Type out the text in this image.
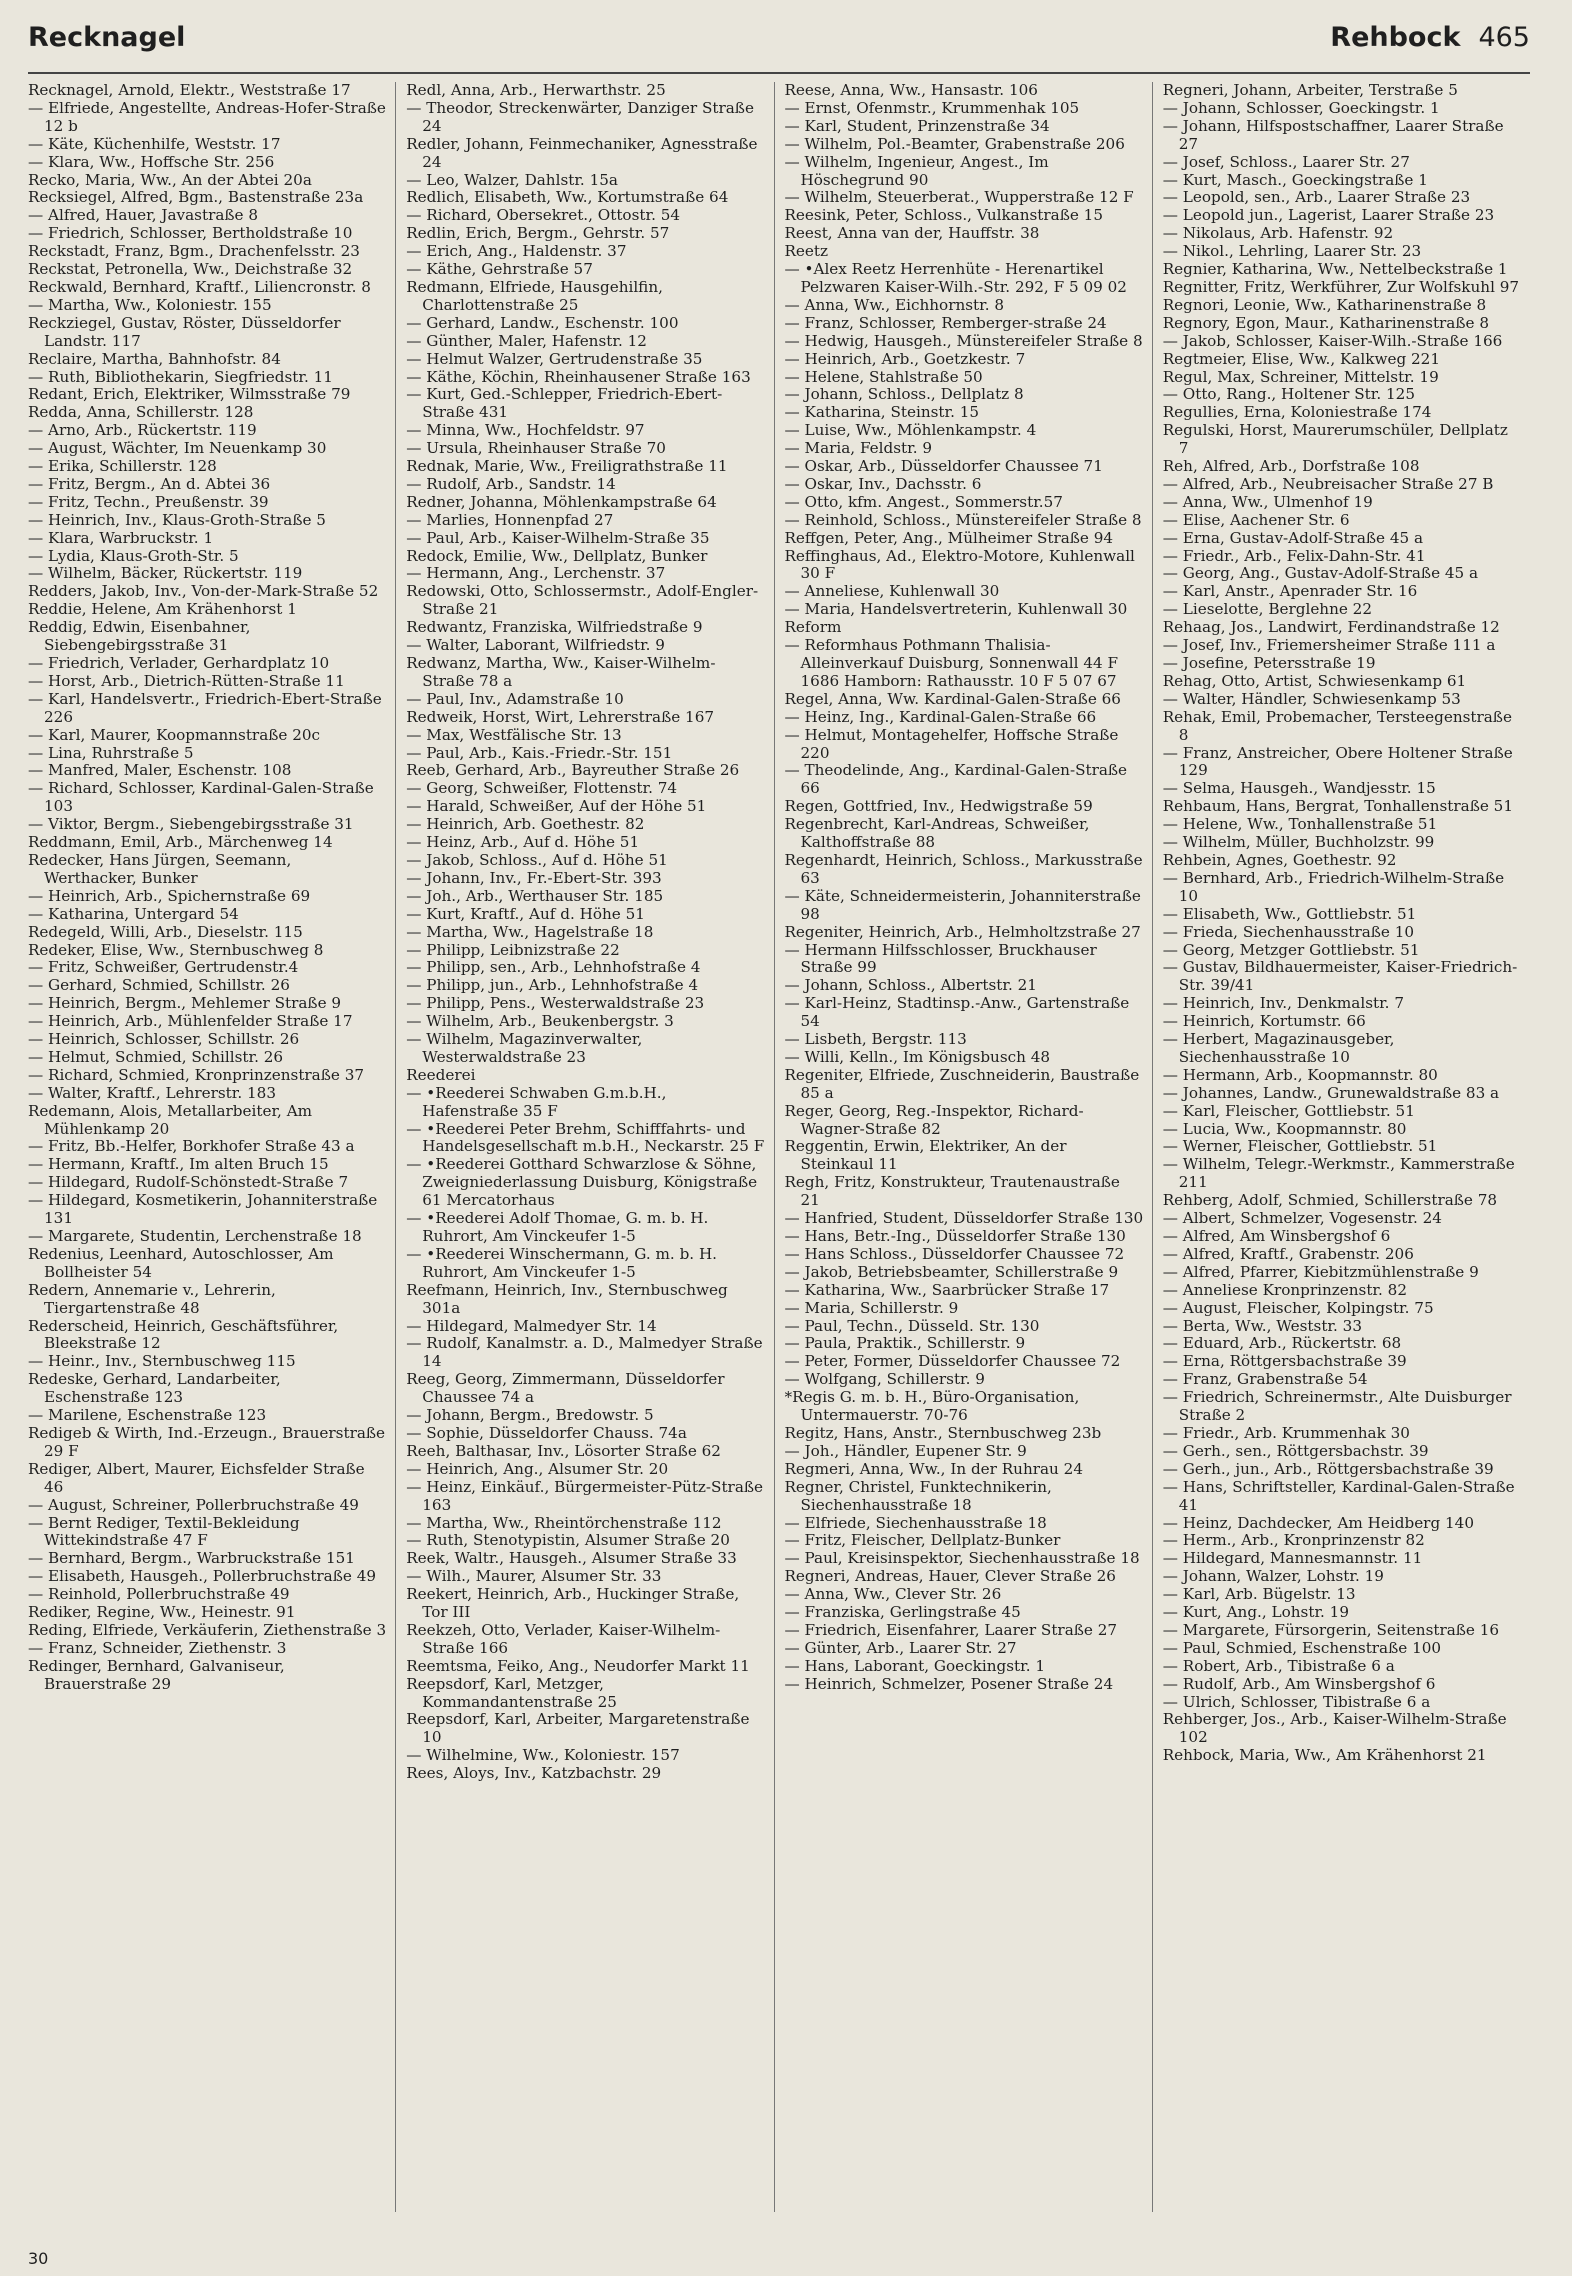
Recknagel	Rehbock 465
Recknagel, Arnold, Elektr., Weststraße 17
— Elfriede, Angestellte, Andreas-Hofer-Straße 12 b
— Käte, Küchenhilfe, Weststr. 17
— Klara, Ww., Hoffsche Str. 256
Recko, Maria, Ww., An der Abtei 20a
Recksiegel, Alfred, Bgm., Bastenstraße 23a
— Alfred, Hauer, Javastraße 8
— Friedrich, Schlosser, Bertholdstraße 10
Reckstadt, Franz, Bgm., Drachenfelsstr. 23
Reckstat, Petronella, Ww., Deichstraße 32
Reckwald, Bernhard, Kraftf., Liliencronstr. 8
— Martha, Ww., Koloniestr. 155
Reckziegel, Gustav, Röster, Düsseldorfer Landstr. 117
Reclaire, Martha, Bahnhofstr. 84
— Ruth, Bibliothekarin, Siegfriedstr. 11
Redant, Erich, Elektriker, Wilmsstraße 79
Redda, Anna, Schillerstr. 128
— Arno, Arb., Rückertstr. 119
— August, Wächter, Im Neuenkamp 30
— Erika, Schillerstr. 128
— Fritz, Bergm., An d. Abtei 36
— Fritz, Techn., Preußenstr. 39
— Heinrich, Inv., Klaus-Groth-Straße 5
— Klara, Warbruckstr. 1
— Lydia, Klaus-Groth-Str. 5
— Wilhelm, Bäcker, Rückertstr. 119
Redders, Jakob, Inv., Von-der-Mark-Straße 52
Reddie, Helene, Am Krähenhorst 1
Reddig, Edwin, Eisenbahner, Siebengebirgsstraße 31
— Friedrich, Verlader, Gerhardplatz 10
— Horst, Arb., Dietrich-Rütten-Straße 11
— Karl, Handelsvertr., Friedrich-Ebert-Straße 226
— Karl, Maurer, Koopmannstraße 20c
— Lina, Ruhrstraße 5
— Manfred, Maler, Eschenstr. 108
— Richard, Schlosser, Kardinal-Galen-Straße 103
— Viktor, Bergm., Siebengebirgsstraße 31
Reddmann, Emil, Arb., Märchenweg 14
Redecker, Hans Jürgen, Seemann, Werthacker, Bunker
— Heinrich, Arb., Spichernstraße 69
— Katharina, Untergard 54
Redegeld, Willi, Arb., Dieselstr. 115
Redeker, Elise, Ww., Sternbuschweg 8
— Fritz, Schweißer, Gertrudenstr.4
— Gerhard, Schmied, Schillstr. 26
— Heinrich, Bergm., Mehlemer Straße 9
— Heinrich, Arb., Mühlenfelder Straße 17
— Heinrich, Schlosser, Schillstr. 26
— Helmut, Schmied, Schillstr. 26
— Richard, Schmied, Kronprinzenstraße 37
— Walter, Kraftf., Lehrerstr. 183
Redemann, Alois, Metallarbeiter, Am Mühlenkamp 20
— Fritz, Bb.-Helfer, Borkhofer Straße 43 a
— Hermann, Kraftf., Im alten Bruch 15
— Hildegard, Rudolf-Schönstedt-Straße 7
— Hildegard, Kosmetikerin, Johanniterstraße 131
— Margarete, Studentin, Lerchenstraße 18
Redenius, Leenhard, Autoschlosser, Am Bollheister 54
Redern, Annemarie v., Lehrerin, Tiergartenstraße 48
Rederscheid, Heinrich, Geschäftsführer, Bleekstraße 12
— Heinr., Inv., Sternbuschweg 115
Redeske, Gerhard, Landarbeiter, Eschenstraße 123
— Marilene, Eschenstraße 123
Redigeb & Wirth, Ind.-Erzeugn., Brauerstraße 29 F
Rediger, Albert, Maurer, Eichsfelder Straße 46
— August, Schreiner, Pollerbruchstraße 49
— Bernt Rediger, Textil-Bekleidung Wittekindstraße 47 F
— Bernhard, Bergm., Warbruckstraße 151
— Elisabeth, Hausgeh., Pollerbruchstraße 49
— Reinhold, Pollerbruchstraße 49
Rediker, Regine, Ww., Heinestr. 91
Reding, Elfriede, Verkäuferin, Ziethenstraße 3
— Franz, Schneider, Ziethenstr. 3
Redinger, Bernhard, Galvaniseur, Brauerstraße 29
Redl, Anna, Arb., Herwarthstr. 25
— Theodor, Streckenwärter, Danziger Straße 24
Redler, Johann, Feinmechaniker, Agnesstraße 24
— Leo, Walzer, Dahlstr. 15a
Redlich, Elisabeth, Ww., Kortumstraße 64
— Richard, Obersekret., Ottostr. 54
Redlin, Erich, Bergm., Gehrstr. 57
— Erich, Ang., Haldenstr. 37
— Käthe, Gehrstraße 57
Redmann, Elfriede, Hausgehilfin, Charlottenstraße 25
— Gerhard, Landw., Eschenstr. 100
— Günther, Maler, Hafenstr. 12
— Helmut Walzer, Gertrudenstraße 35
— Käthe, Köchin, Rheinhausener Straße 163
— Kurt, Ged.-Schlepper, Friedrich-Ebert-Straße 431
— Minna, Ww., Hochfeldstr. 97
— Ursula, Rheinhauser Straße 70
Rednak, Marie, Ww., Freiligrathstraße 11
— Rudolf, Arb., Sandstr. 14
Redner, Johanna, Möhlenkampstraße 64
— Marlies, Honnenpfad 27
— Paul, Arb., Kaiser-Wilhelm-Straße 35
Redock, Emilie, Ww., Dellplatz, Bunker
— Hermann, Ang., Lerchenstr. 37
Redowski, Otto, Schlossermstr., Adolf-Engler-Straße 21
Redwantz, Franziska, Wilfriedstraße 9
— Walter, Laborant, Wilfriedstr. 9
Redwanz, Martha, Ww., Kaiser-Wilhelm-Straße 78 a
— Paul, Inv., Adamstraße 10
Redweik, Horst, Wirt, Lehrerstraße 167
— Max, Westfälische Str. 13
— Paul, Arb., Kais.-Friedr.-Str. 151
Reeb, Gerhard, Arb., Bayreuther Straße 26
— Georg, Schweißer, Flottenstr. 74
— Harald, Schweißer, Auf der Höhe 51
— Heinrich, Arb. Goethestr. 82
— Heinz, Arb., Auf d. Höhe 51
— Jakob, Schloss., Auf d. Höhe 51
— Johann, Inv., Fr.-Ebert-Str. 393
— Joh., Arb., Werthauser Str. 185
— Kurt, Kraftf., Auf d. Höhe 51
— Martha, Ww., Hagelstraße 18
— Philipp, Leibnizstraße 22
— Philipp, sen., Arb., Lehnhofstraße 4
— Philipp, jun., Arb., Lehnhofstraße 4
— Philipp, Pens., Westerwaldstraße 23
— Wilhelm, Arb., Beukenbergstr. 3
— Wilhelm, Magazinverwalter, Westerwaldstraße 23
Reederei
— •Reederei Schwaben G.m.b.H., Hafenstraße 35 F
— •Reederei Peter Brehm, Schifffahrts- und Handelsgesellschaft m.b.H., Neckarstr. 25 F
— •Reederei Gotthard Schwarzlose & Söhne, Zweigniederlassung Duisburg, Königstraße 61 Mercatorhaus
— •Reederei Adolf Thomae, G. m. b. H. Ruhrort, Am Vinckeufer 1-5
— •Reederei Winschermann, G. m. b. H. Ruhrort, Am Vinckeufer 1-5
Reefmann, Heinrich, Inv., Sternbuschweg 301a
— Hildegard, Malmedyer Str. 14
— Rudolf, Kanalmstr. a. D., Malmedyer Straße 14
Reeg, Georg, Zimmermann, Düsseldorfer Chaussee 74 a
— Johann, Bergm., Bredowstr. 5
— Sophie, Düsseldorfer Chauss. 74a
Reeh, Balthasar, Inv., Lösorter Straße 62
— Heinrich, Ang., Alsumer Str. 20
— Heinz, Einkäuf., Bürgermeister-Pütz-Straße 163
— Martha, Ww., Rheintörchenstraße 112
— Ruth, Stenotypistin, Alsumer Straße 20
Reek, Waltr., Hausgeh., Alsumer Straße 33
— Wilh., Maurer, Alsumer Str. 33
Reekert, Heinrich, Arb., Huckinger Straße, Tor III
Reekzeh, Otto, Verlader, Kaiser-Wilhelm-Straße 166
Reemtsma, Feiko, Ang., Neudorfer Markt 11
Reepsdorf, Karl, Metzger, Kommandantenstraße 25
Reepsdorf, Karl, Arbeiter, Margaretenstraße 10
— Wilhelmine, Ww., Koloniestr. 157
Rees, Aloys, Inv., Katzbachstr. 29
Reese, Anna, Ww., Hansastr. 106
— Ernst, Ofenmstr., Krummenhak 105
— Karl, Student, Prinzenstraße 34
— Wilhelm, Pol.-Beamter, Grabenstraße 206
— Wilhelm, Ingenieur, Angest., Im Höschegrund 90
— Wilhelm, Steuerberat., Wupperstraße 12 F
Reesink, Peter, Schloss., Vulkanstraße 15
Reest, Anna van der, Hauffstr. 38
Reetz
— •Alex Reetz Herrenhüte - Herenartikel Pelzwaren Kaiser-Wilh.-Str. 292, F 5 09 02
— Anna, Ww., Eichhornstr. 8
— Franz, Schlosser, Remberger-straße 24
— Hedwig, Hausgeh., Münstereifeler Straße 8
— Heinrich, Arb., Goetzkestr. 7
— Helene, Stahlstraße 50
— Johann, Schloss., Dellplatz 8
— Katharina, Steinstr. 15
— Luise, Ww., Möhlenkampstr. 4
— Maria, Feldstr. 9
— Oskar, Arb., Düsseldorfer Chaussee 71
— Oskar, Inv., Dachsstr. 6
— Otto, kfm. Angest., Sommerstr.57
— Reinhold, Schloss., Münstereifeler Straße 8
Reffgen, Peter, Ang., Mülheimer Straße 94
Reffinghaus, Ad., Elektro-Motore, Kuhlenwall 30 F
— Anneliese, Kuhlenwall 30
— Maria, Handelsvertreterin, Kuhlenwall 30
Reform
— Reformhaus Pothmann Thalisia-Alleinverkauf Duisburg, Sonnenwall 44 F 1686 Hamborn: Rathausstr. 10 F 5 07 67
Regel, Anna, Ww. Kardinal-Galen-Straße 66
— Heinz, Ing., Kardinal-Galen-Straße 66
— Helmut, Montagehelfer, Hoffsche Straße 220
— Theodelinde, Ang., Kardinal-Galen-Straße 66
Regen, Gottfried, Inv., Hedwigstraße 59
Regenbrecht, Karl-Andreas, Schweißer, Kalthoffstraße 88
Regenhardt, Heinrich, Schloss., Markusstraße 63
— Käte, Schneidermeisterin, Johanniterstraße 98
Regeniter, Heinrich, Arb., Helmholtzstraße 27
— Hermann Hilfsschlosser, Bruckhauser Straße 99
— Johann, Schloss., Albertstr. 21
— Karl-Heinz, Stadtinsp.-Anw., Gartenstraße 54
— Lisbeth, Bergstr. 113
— Willi, Kelln., Im Königsbusch 48
Regeniter, Elfriede, Zuschneiderin, Baustraße 85 a
Reger, Georg, Reg.-Inspektor, Richard-Wagner-Straße 82
Reggentin, Erwin, Elektriker, An der Steinkaul 11
Regh, Fritz, Konstrukteur, Trautenaustraße 21
— Hanfried, Student, Düsseldorfer Straße 130
— Hans, Betr.-Ing., Düsseldorfer Straße 130
— Hans Schloss., Düsseldorfer Chaussee 72
— Jakob, Betriebsbeamter, Schillerstraße 9
— Katharina, Ww., Saarbrücker Straße 17
— Maria, Schillerstr. 9
— Paul, Techn., Düsseld. Str. 130
— Paula, Praktik., Schillerstr. 9
— Peter, Former, Düsseldorfer Chaussee 72
— Wolfgang, Schillerstr. 9
*Regis G. m. b. H., Büro-Organisation, Untermauerstr. 70-76
Regitz, Hans, Anstr., Sternbuschweg 23b
— Joh., Händler, Eupener Str. 9
Regmeri, Anna, Ww., In der Ruhrau 24
Regner, Christel, Funktechnikerin, Siechenhausstraße 18
— Elfriede, Siechenhausstraße 18
— Fritz, Fleischer, Dellplatz-Bunker
— Paul, Kreisinspektor, Siechenhausstraße 18
Regneri, Andreas, Hauer, Clever Straße 26
— Anna, Ww., Clever Str. 26
— Franziska, Gerlingstraße 45
— Friedrich, Eisenfahrer, Laarer Straße 27
— Günter, Arb., Laarer Str. 27
— Hans, Laborant, Goeckingstr. 1
— Heinrich, Schmelzer, Posener Straße 24
Regneri, Johann, Arbeiter, Terstraße 5
— Johann, Schlosser, Goeckingstr. 1
— Johann, Hilfspostschaffner, Laarer Straße 27
— Josef, Schloss., Laarer Str. 27
— Kurt, Masch., Goeckingstraße 1
— Leopold, sen., Arb., Laarer Straße 23
— Leopold jun., Lagerist, Laarer Straße 23
— Nikolaus, Arb. Hafenstr. 92
— Nikol., Lehrling, Laarer Str. 23
Regnier, Katharina, Ww., Nettelbeckstraße 1
Regnitter, Fritz, Werkführer, Zur Wolfskuhl 97
Regnori, Leonie, Ww., Katharinenstraße 8
Regnory, Egon, Maur., Katharinenstraße 8
— Jakob, Schlosser, Kaiser-Wilh.-Straße 166
Regtmeier, Elise, Ww., Kalkweg 221
Regul, Max, Schreiner, Mittelstr. 19
— Otto, Rang., Holtener Str. 125
Regullies, Erna, Koloniestraße 174
Regulski, Horst, Maurerumschüler, Dellplatz 7
Reh, Alfred, Arb., Dorfstraße 108
— Alfred, Arb., Neubreisacher Straße 27 B
— Anna, Ww., Ulmenhof 19
— Elise, Aachener Str. 6
— Erna, Gustav-Adolf-Straße 45 a
— Friedr., Arb., Felix-Dahn-Str. 41
— Georg, Ang., Gustav-Adolf-Straße 45 a
— Karl, Anstr., Apenrader Str. 16
— Lieselotte, Berglehne 22
Rehaag, Jos., Landwirt, Ferdinandstraße 12
— Josef, Inv., Friemersheimer Straße 111 a
— Josefine, Petersstraße 19
Rehag, Otto, Artist, Schwiesenkamp 61
— Walter, Händler, Schwiesenkamp 53
Rehak, Emil, Probemacher, Tersteegenstraße 8
— Franz, Anstreicher, Obere Holtener Straße 129
— Selma, Hausgeh., Wandjesstr. 15
Rehbaum, Hans, Bergrat, Tonhallenstraße 51
— Helene, Ww., Tonhallenstraße 51
— Wilhelm, Müller, Buchholzstr. 99
Rehbein, Agnes, Goethestr. 92
— Bernhard, Arb., Friedrich-Wilhelm-Straße 10
— Elisabeth, Ww., Gottliebstr. 51
— Frieda, Siechenhausstraße 10
— Georg, Metzger Gottliebstr. 51
— Gustav, Bildhauermeister, Kaiser-Friedrich-Str. 39/41
— Heinrich, Inv., Denkmalstr. 7
— Heinrich, Kortumstr. 66
— Herbert, Magazinausgeber, Siechenhausstraße 10
— Hermann, Arb., Koopmannstr. 80
— Johannes, Landw., Grunewaldstraße 83 a
— Karl, Fleischer, Gottliebstr. 51
— Lucia, Ww., Koopmannstr. 80
— Werner, Fleischer, Gottliebstr. 51
— Wilhelm, Telegr.-Werkmstr., Kammerstraße 211
Rehberg, Adolf, Schmied, Schillerstraße 78
— Albert, Schmelzer, Vogesenstr. 24
— Alfred, Am Winsbergshof 6
— Alfred, Kraftf., Grabenstr. 206
— Alfred, Pfarrer, Kiebitzmühlenstraße 9
— Anneliese Kronprinzenstr. 82
— August, Fleischer, Kolpingstr. 75
— Berta, Ww., Weststr. 33
— Eduard, Arb., Rückertstr. 68
— Erna, Röttgersbachstraße 39
— Franz, Grabenstraße 54
— Friedrich, Schreinermstr., Alte Duisburger Straße 2
— Friedr., Arb. Krummenhak 30
— Gerh., sen., Röttgersbachstr. 39
— Gerh., jun., Arb., Röttgersbachstraße 39
— Hans, Schriftsteller, Kardinal-Galen-Straße 41
— Heinz, Dachdecker, Am Heidberg 140
— Herm., Arb., Kronprinzenstr 82
— Hildegard, Mannesmannstr. 11
— Johann, Walzer, Lohstr. 19
— Karl, Arb. Bügelstr. 13
— Kurt, Ang., Lohstr. 19
— Margarete, Fürsorgerin, Seitenstraße 16
— Paul, Schmied, Eschenstraße 100
— Robert, Arb., Tibistraße 6 a
— Rudolf, Arb., Am Winsbergshof 6
— Ulrich, Schlosser, Tibistraße 6 a
Rehberger, Jos., Arb., Kaiser-Wilhelm-Straße 102
Rehbock, Maria, Ww., Am Krähenhorst 21
30
